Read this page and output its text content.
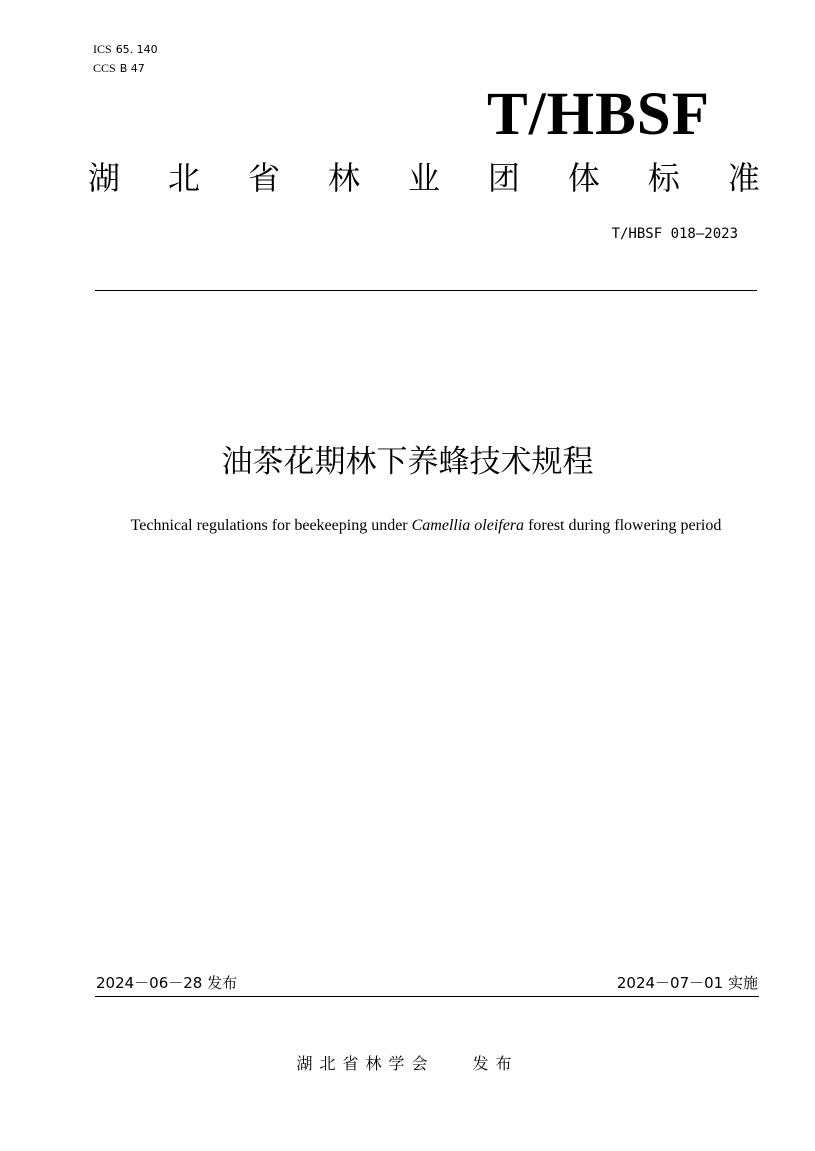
ICS 65. 140
CCS B 47
T/HBSF
湖 北 省 林 业 团 体 标 准
T/HBSF 018—2023
油茶花期林下养蜂技术规程
Technical regulations for beekeeping under Camellia oleifera forest during flowering period
2024－06－28 发布	2024－07－01 实施
湖北省林学会 发布
